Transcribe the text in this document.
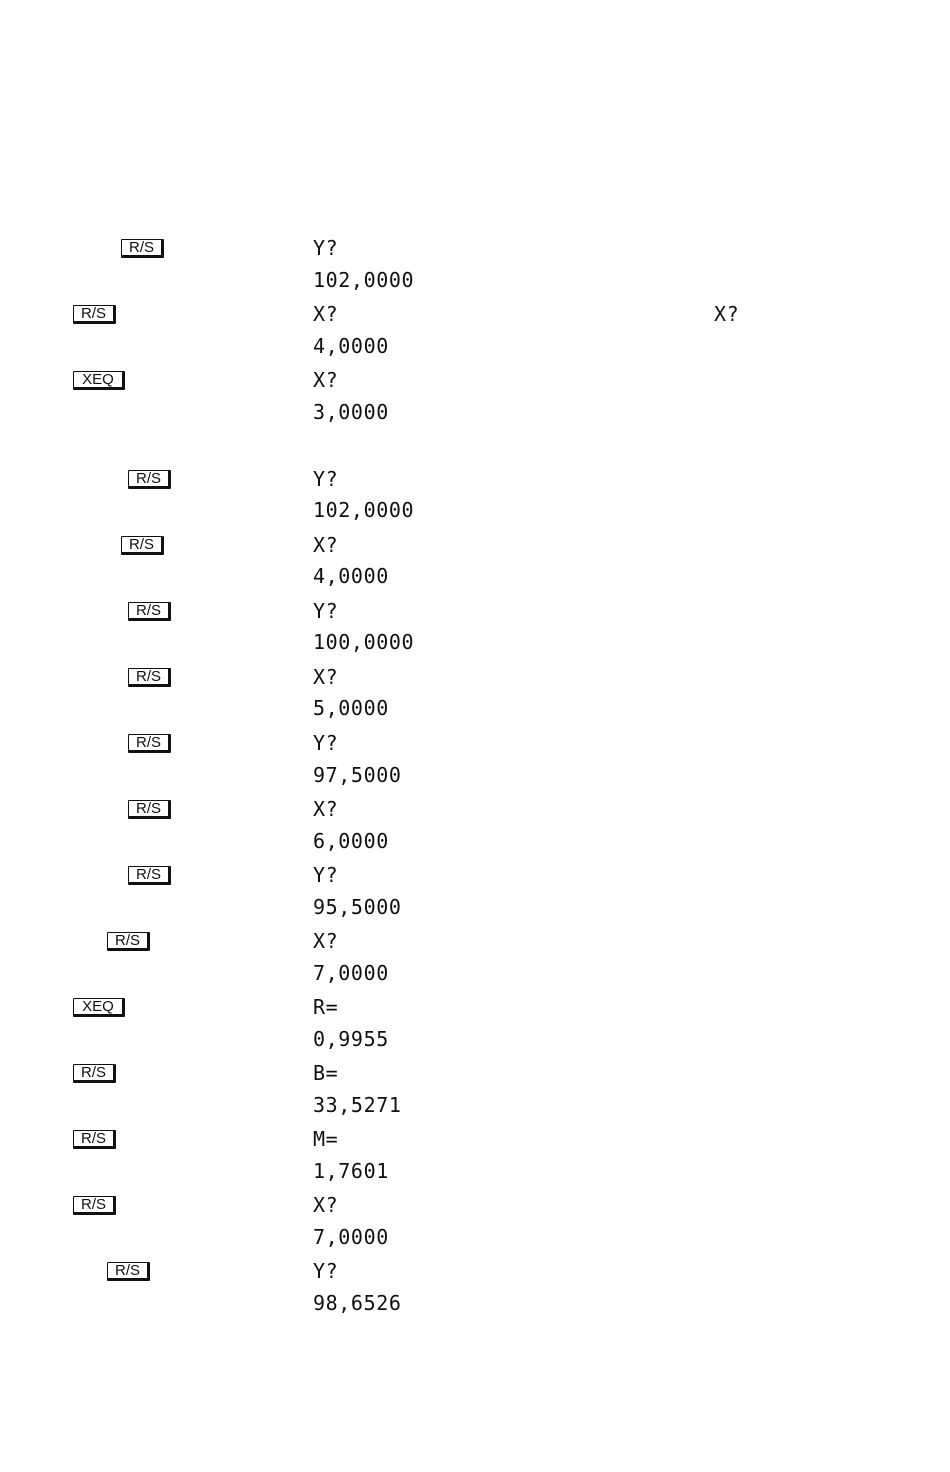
R/S	Y?
102,0000
R/S	X?	X?
4,0000
XEQ	X?
3,0000
R/S	Y?
102,0000
R/S	X?
4,0000
R/S	Y?
100,0000
R/S	X?
5,0000
R/S	Y?
97,5000
R/S	X?
6,0000
R/S	Y?
95,5000
R/S	X?
7,0000
XEQ	R=
0,9955
R/S	B=
33,5271
R/S	M=
1,7601
R/S	X?
7,0000
R/S	Y?
98,6526
